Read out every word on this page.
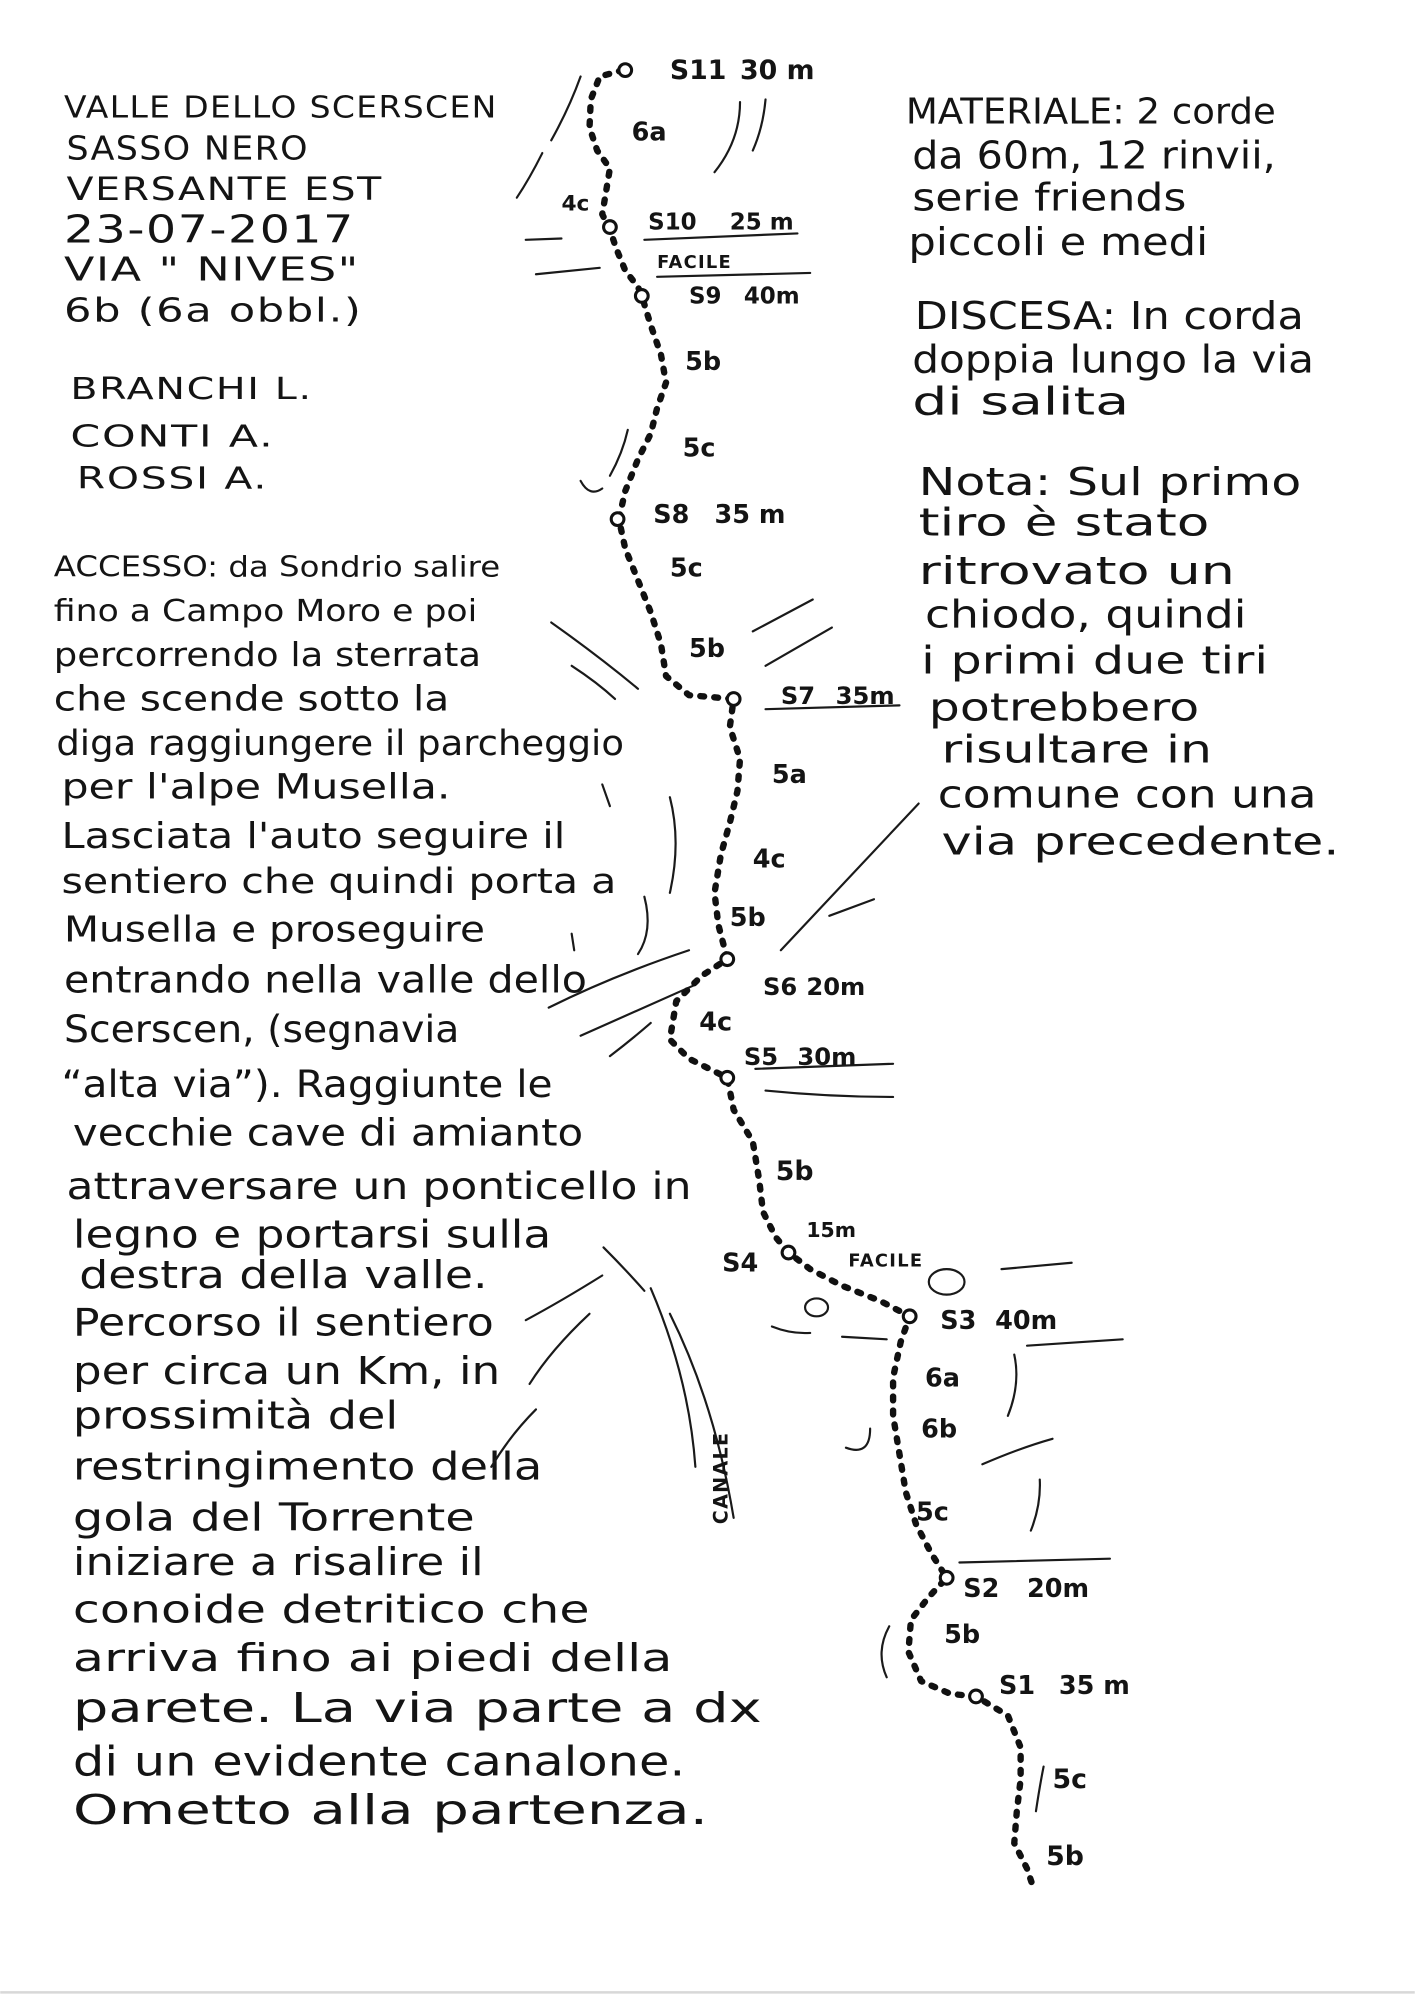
VALLE DELLO SCERSCEN
SASSO NERO
VERSANTE EST
23-07-2017
VIA " NIVES"
6b (6a obbl.)
BRANCHI L.
CONTI A.
ROSSI A.
ACCESSO: da Sondrio salire
fino a Campo Moro e poi
percorrendo la sterrata
che scende sotto la
diga raggiungere il parcheggio
per l'alpe Musella.
Lasciata l'auto seguire il
sentiero che quindi porta a
Musella e proseguire
entrando nella valle dello
Scerscen, (segnavia
“alta via”). Raggiunte le
vecchie cave di amianto
attraversare un ponticello in
legno e portarsi sulla
destra della valle.
Percorso il sentiero
per circa un Km, in
prossimità del
restringimento della
gola del Torrente
iniziare a risalire il
conoide detritico che
arriva fino ai piedi della
parete. La via parte a dx
di un evidente canalone.
Ometto alla partenza.
MATERIALE: 2 corde
da 60m, 12 rinvii,
serie friends
piccoli e medi
DISCESA: In corda
doppia lungo la via
di salita
Nota: Sul primo
tiro è stato
ritrovato un
chiodo, quindi
i primi due tiri
potrebbero
risultare in
comune con una
via precedente.
S11 30 m
S10 25 m
S9 40m
S8 35 m
S7 35m
S6 20m
S5 30m
S4
15m
S3 40m
S2 20m
S1 35 m
6a
4c
5b
5c
5c
5b
5a
4c
5b
4c
5b
6a
6b
5c
5b
5c
5b
FACILE
FACILE
CANALE
